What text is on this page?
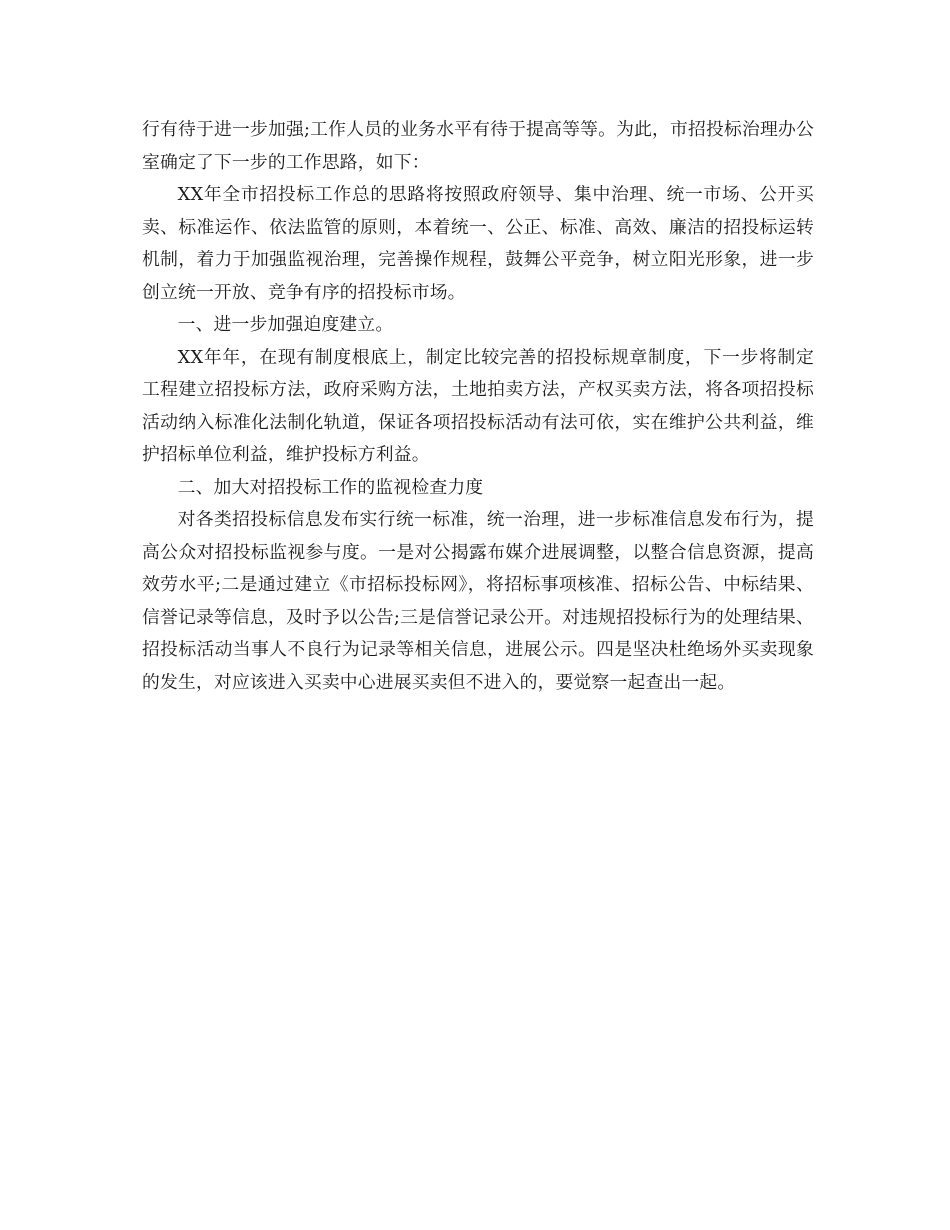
行有待于进一步加强;工作人员的业务水平有待于提高等等。为此，市招投标治理办公室确定了下一步的工作思路，如下：

XX年全市招投标工作总的思路将按照政府领导、集中治理、统一市场、公开买卖、标准运作、依法监管的原则，本着统一、公正、标准、高效、廉洁的招投标运转机制，着力于加强监视治理，完善操作规程，鼓舞公平竞争，树立阳光形象，进一步创立统一开放、竞争有序的招投标市场。

一、进一步加强迫度建立。

XX年年，在现有制度根底上，制定比较完善的招投标规章制度，下一步将制定工程建立招投标方法，政府采购方法，土地拍卖方法，产权买卖方法，将各项招投标活动纳入标准化法制化轨道，保证各项招投标活动有法可依，实在维护公共利益，维护招标单位利益，维护投标方利益。

二、加大对招投标工作的监视检查力度

对各类招投标信息发布实行统一标准，统一治理，进一步标准信息发布行为，提高公众对招投标监视参与度。一是对公揭露布媒介进展调整，以整合信息资源，提高效劳水平;二是通过建立《市招标投标网》，将招标事项核准、招标公告、中标结果、信誉记录等信息，及时予以公告;三是信誉记录公开。对违规招投标行为的处理结果、招投标活动当事人不良行为记录等相关信息，进展公示。四是坚决杜绝场外买卖现象的发生，对应该进入买卖中心进展买卖但不进入的，要觉察一起查出一起。
